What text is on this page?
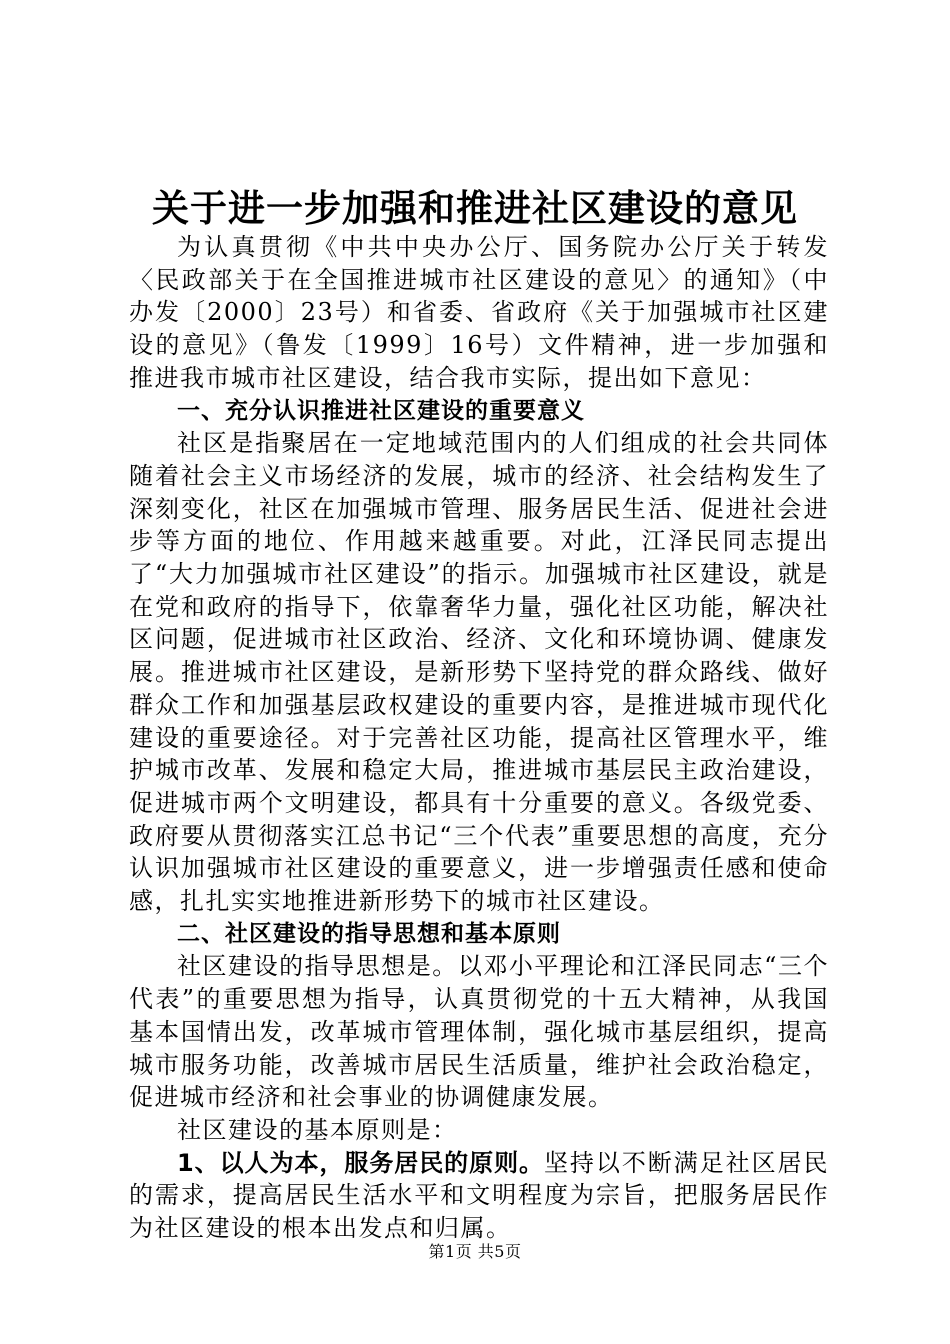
关于进一步加强和推进社区建设的意见

为认真贯彻《中共中央办公厅、国务院办公厅关于转发〈民政部关于在全国推进城市社区建设的意见〉的通知》（中办发〔2000〕23号）和省委、省政府《关于加强城市社区建设的意见》（鲁发〔1999〕16号）文件精神，进一步加强和推进我市城市社区建设，结合我市实际，提出如下意见：

一、充分认识推进社区建设的重要意义

社区是指聚居在一定地域范围内的人们组成的社会共同体随着社会主义市场经济的发展，城市的经济、社会结构发生了深刻变化，社区在加强城市管理、服务居民生活、促进社会进步等方面的地位、作用越来越重要。对此，江泽民同志提出了“大力加强城市社区建设”的指示。加强城市社区建设，就是在党和政府的指导下，依靠奢华力量，强化社区功能，解决社区问题，促进城市社区政治、经济、文化和环境协调、健康发展。推进城市社区建设，是新形势下坚持党的群众路线、做好群众工作和加强基层政权建设的重要内容，是推进城市现代化建设的重要途径。对于完善社区功能，提高社区管理水平，维护城市改革、发展和稳定大局，推进城市基层民主政治建设，促进城市两个文明建设，都具有十分重要的意义。各级党委、政府要从贯彻落实江总书记“三个代表”重要思想的高度，充分认识加强城市社区建设的重要意义，进一步增强责任感和使命感，扎扎实实地推进新形势下的城市社区建设。

二、社区建设的指导思想和基本原则

社区建设的指导思想是。以邓小平理论和江泽民同志“三个代表”的重要思想为指导，认真贯彻党的十五大精神，从我国基本国情出发，改革城市管理体制，强化城市基层组织，提高城市服务功能，改善城市居民生活质量，维护社会政治稳定，促进城市经济和社会事业的协调健康发展。

社区建设的基本原则是：

1、以人为本，服务居民的原则。坚持以不断满足社区居民的需求，提高居民生活水平和文明程度为宗旨，把服务居民作为社区建设的根本出发点和归属。

第1页 共5页
